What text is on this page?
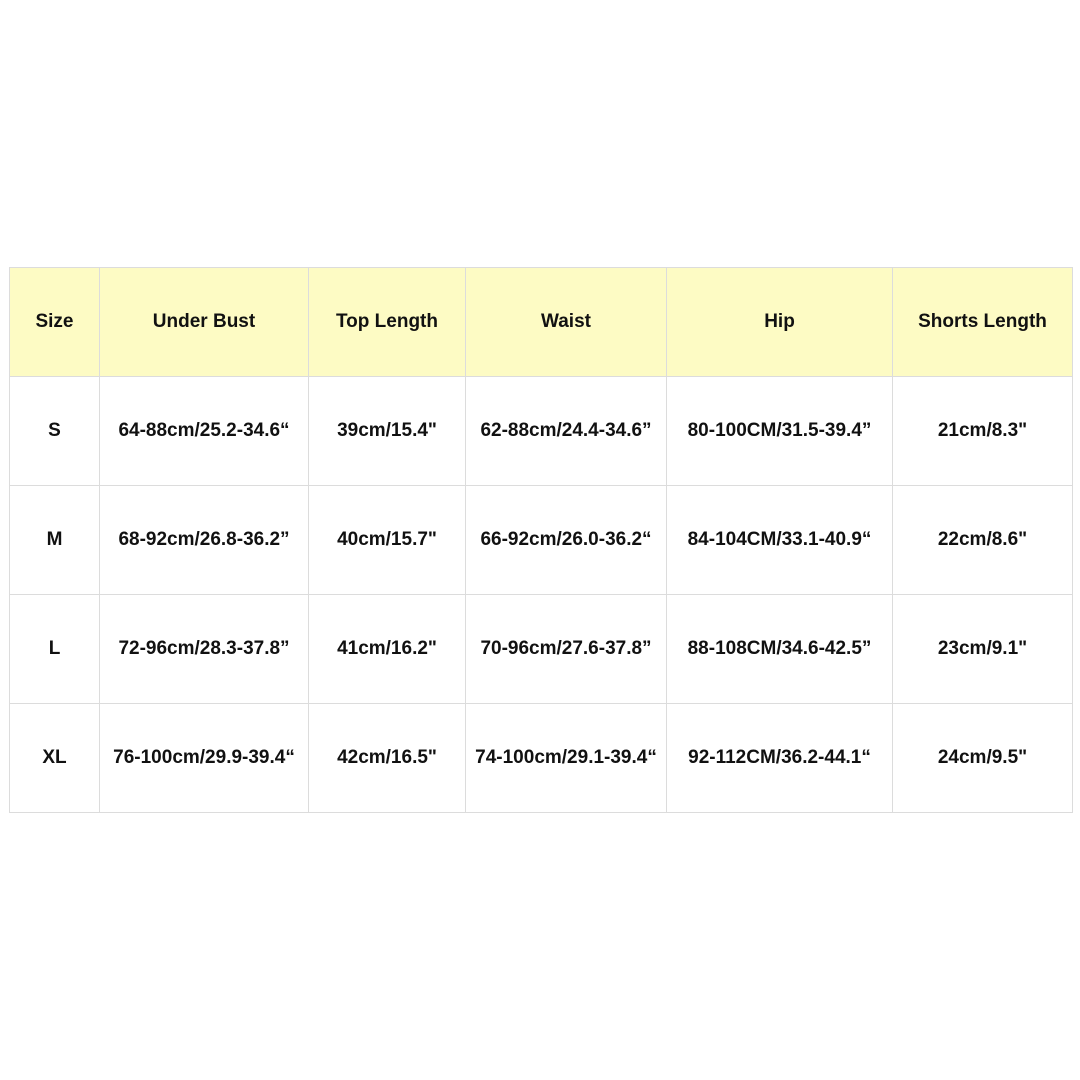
Size	Under Bust	Top Length	Waist	Hip	Shorts Length
S	64-88cm/25.2-34.6“	39cm/15.4"	62-88cm/24.4-34.6”	80-100CM/31.5-39.4”	21cm/8.3"
M	68-92cm/26.8-36.2”	40cm/15.7"	66-92cm/26.0-36.2“	84-104CM/33.1-40.9“	22cm/8.6"
L	72-96cm/28.3-37.8”	41cm/16.2"	70-96cm/27.6-37.8”	88-108CM/34.6-42.5”	23cm/9.1"
XL	76-100cm/29.9-39.4“	42cm/16.5"	74-100cm/29.1-39.4“	92-112CM/36.2-44.1“	24cm/9.5"
